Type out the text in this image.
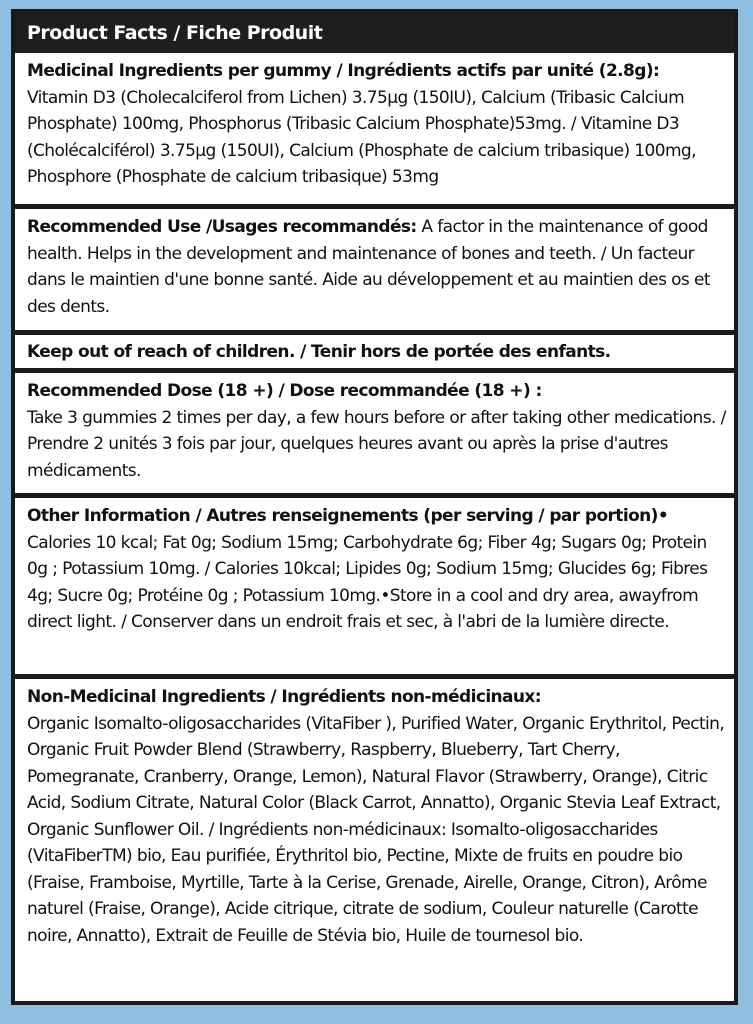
Product Facts / Fiche Produit
Medicinal Ingredients per gummy / Ingrédients actifs par unité (2.8g):
Vitamin D3 (Cholecalciferol from Lichen) 3.75µg (150IU), Calcium (Tribasic Calcium Phosphate) 100mg, Phosphorus (Tribasic Calcium Phosphate)53mg. / Vitamine D3 (Cholécalciférol) 3.75µg (150UI), Calcium (Phosphate de calcium tribasique) 100mg, Phosphore (Phosphate de calcium tribasique) 53mg
Recommended Use /Usages recommandés: A factor in the maintenance of good health. Helps in the development and maintenance of bones and teeth. / Un facteur dans le maintien d'une bonne santé. Aide au développement et au maintien des os et des dents.
Keep out of reach of children. / Tenir hors de portée des enfants.
Recommended Dose (18 +) / Dose recommandée (18 +) :
Take 3 gummies 2 times per day, a few hours before or after taking other medications. / Prendre 2 unités 3 fois par jour, quelques heures avant ou après la prise d'autres médicaments.
Other Information / Autres renseignements (per serving / par portion)•
Calories 10 kcal; Fat 0g; Sodium 15mg; Carbohydrate 6g; Fiber 4g; Sugars 0g; Protein 0g ; Potassium 10mg. / Calories 10kcal; Lipides 0g; Sodium 15mg; Glucides 6g; Fibres 4g; Sucre 0g; Protéine 0g ; Potassium 10mg.•Store in a cool and dry area, awayfrom direct light. / Conserver dans un endroit frais et sec, à l'abri de la lumière directe.
Non-Medicinal Ingredients / Ingrédients non-médicinaux:
Organic Isomalto-oligosaccharides (VitaFiber ), Purified Water, Organic Erythritol, Pectin, Organic Fruit Powder Blend (Strawberry, Raspberry, Blueberry, Tart Cherry, Pomegranate, Cranberry, Orange, Lemon), Natural Flavor (Strawberry, Orange), Citric Acid, Sodium Citrate, Natural Color (Black Carrot, Annatto), Organic Stevia Leaf Extract, Organic Sunflower Oil. / Ingrédients non-médicinaux: Isomalto-oligosaccharides (VitaFiberTM) bio, Eau purifiée, Érythritol bio, Pectine, Mixte de fruits en poudre bio (Fraise, Framboise, Myrtille, Tarte à la Cerise, Grenade, Airelle, Orange, Citron), Arôme naturel (Fraise, Orange), Acide citrique, citrate de sodium, Couleur naturelle (Carotte noire, Annatto), Extrait de Feuille de Stévia bio, Huile de tournesol bio.
